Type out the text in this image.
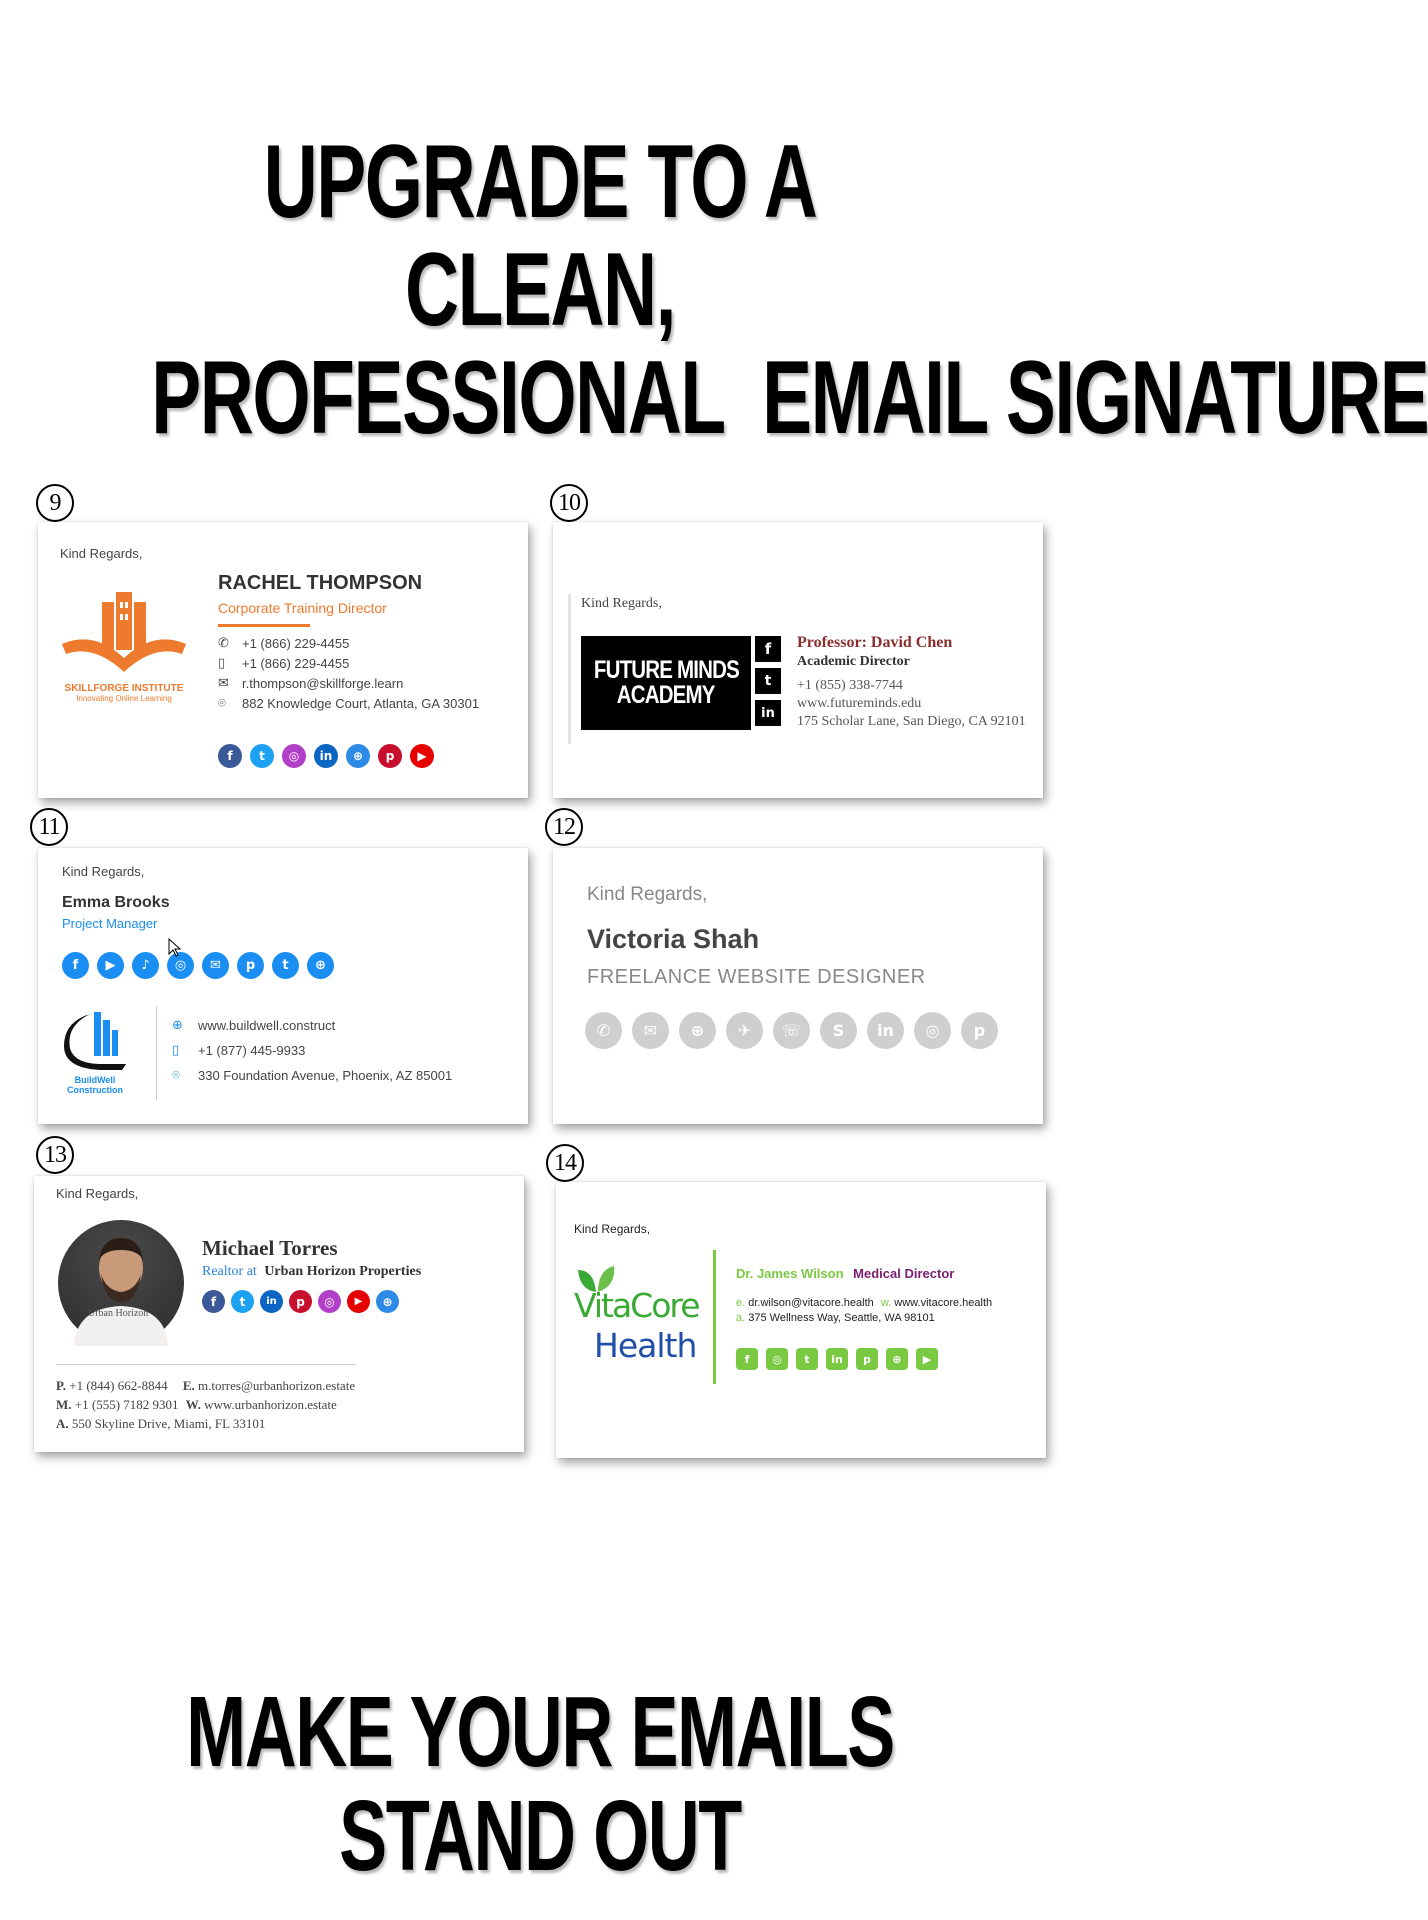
UPGRADE TO A CLEAN,
PROFESSIONAL  EMAIL SIGNATURE
MAKE YOUR EMAILS STAND OUT
9
Kind Regards,
SKILLFORGE INSTITUTE
Innovating Online Learning
RACHEL THOMPSON
Corporate Training Director
✆ +1 (866) 229-4455
▯	+1 (866) 229-4455
✉ r.thompson@skillforge.learn
⌾	882 Knowledge Court, Atlanta, GA 30301
f	t	◎	in	⊕	p	▶
10
Kind Regards,
FUTURE MINDS
ACADEMY
f
t
in
Professor: David Chen
Academic Director
+1 (855) 338-7744
www.futureminds.edu
175 Scholar Lane, San Diego, CA 92101
11
Kind Regards,
Emma Brooks
Project Manager
f	▶	♪	◎	✉	p	t	⊕
BuildWell
Construction
⊕	www.buildwell.construct
▯	+1 (877) 445-9933
⌾	330 Foundation Avenue, Phoenix, AZ 85001
12
Kind Regards,
Victoria Shah
FREELANCE WEBSITE DESIGNER
✆	✉	⊕	✈	☏	S	in	◎	p
13
Kind Regards,
Urban Horizon
Michael Torres
Realtor at Urban Horizon Properties
f	t	in	p	◎	▶	⊕
P. +1 (844) 662-8844 E. m.torres@urbanhorizon.estate
M. +1 (555) 7182 9301 W. www.urbanhorizon.estate
A. 550 Skyline Drive, Miami, FL 33101
14
Kind Regards,
VitaCore
Health
Dr. James Wilson Medical Director
e. dr.wilson@vitacore.health w. www.vitacore.health
a. 375 Wellness Way, Seattle, WA 98101
f	◎	t	in	p	⊕	▶
